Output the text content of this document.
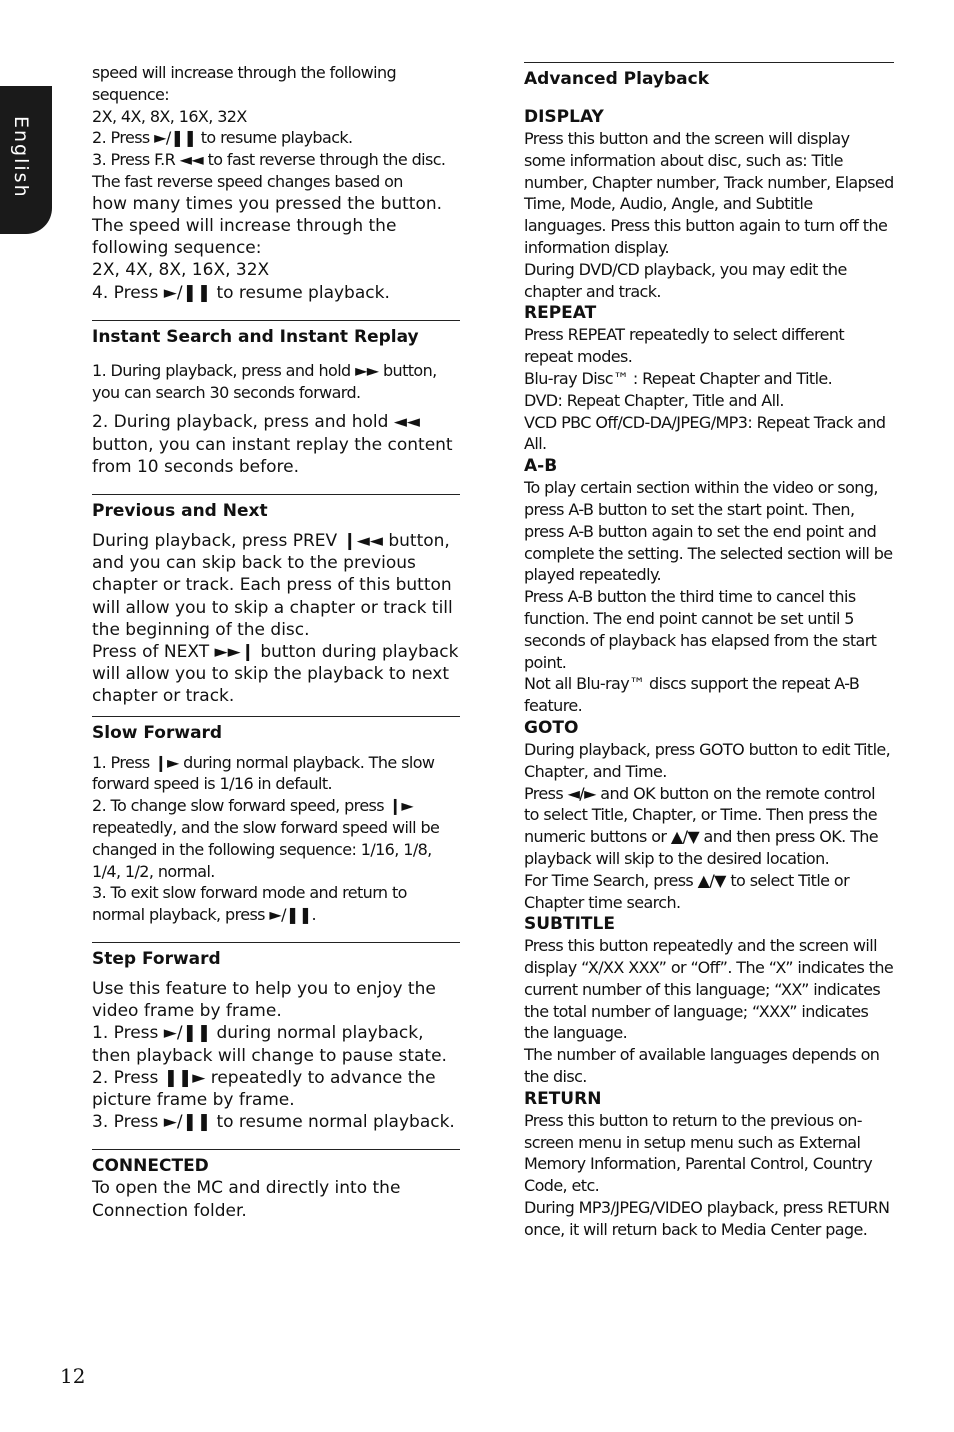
English

speed will increase through the following sequence:
2X, 4X, 8X, 16X, 32X
2. Press ►/❚❚ to resume playback.
3. Press F.R ◄◄ to fast reverse through the disc. The fast reverse speed changes based on

how many times you pressed the button. The speed will increase through the following sequence:
2X, 4X, 8X, 16X, 32X
4. Press ►/❚❚ to resume playback.

Instant Search and Instant Replay

1. During playback, press and hold ►► button, you can search 30 seconds forward.

2. During playback, press and hold ◄◄ button, you can instant replay the content from 10 seconds before.

Previous and Next

During playback, press PREV ❙◄◄ button, and you can skip back to the previous chapter or track. Each press of this button will allow you to skip a chapter or track till the beginning of the disc.
Press of NEXT ►►❙ button during playback will allow you to skip the playback to next chapter or track.

Slow Forward

1. Press ❙► during normal playback. The slow forward speed is 1/16 in default.
2. To change slow forward speed, press ❙► repeatedly, and the slow forward speed will be changed in the following sequence: 1/16, 1/8, 1/4, 1/2, normal.
3. To exit slow forward mode and return to normal playback, press ►/❚❚.

Step Forward

Use this feature to help you to enjoy the video frame by frame.
1. Press ►/❚❚ during normal playback, then playback will change to pause state.
2. Press ❚❚► repeatedly to advance the picture frame by frame.
3. Press ►/❚❚ to resume normal playback.

CONNECTED

To open the MC and directly into the Connection folder.

Advanced Playback

DISPLAY

Press this button and the screen will display some information about disc, such as: Title number, Chapter number, Track number, Elapsed Time, Mode, Audio, Angle, and Subtitle languages. Press this button again to turn off the information display.
During DVD/CD playback, you may edit the chapter and track.

REPEAT

Press REPEAT repeatedly to select different repeat modes.
Blu-ray Disc™ : Repeat Chapter and Title.
DVD: Repeat Chapter, Title and All.
VCD PBC Off/CD-DA/JPEG/MP3: Repeat Track and All.

A-B

To play certain section within the video or song, press A-B button to set the start point. Then, press A-B button again to set the end point and complete the setting. The selected section will be played repeatedly.
Press A-B button the third time to cancel this function. The end point cannot be set until 5 seconds of playback has elapsed from the start point.
Not all Blu-ray™ discs support the repeat A-B feature.

GOTO

During playback, press GOTO button to edit Title, Chapter, and Time.
Press ◄/► and OK button on the remote control to select Title, Chapter, or Time. Then press the numeric buttons or ▲/▼ and then press OK. The playback will skip to the desired location.
For Time Search, press ▲/▼ to select Title or Chapter time search.

SUBTITLE

Press this button repeatedly and the screen will display “X/XX XXX” or “Off”. The “X” indicates the current number of this language; “XX” indicates the total number of language; “XXX” indicates the language.
The number of available languages depends on the disc.

RETURN

Press this button to return to the previous on-screen menu in setup menu such as External Memory Information, Parental Control, Country Code, etc.
During MP3/JPEG/VIDEO playback, press RETURN once, it will return back to Media Center page.

12
